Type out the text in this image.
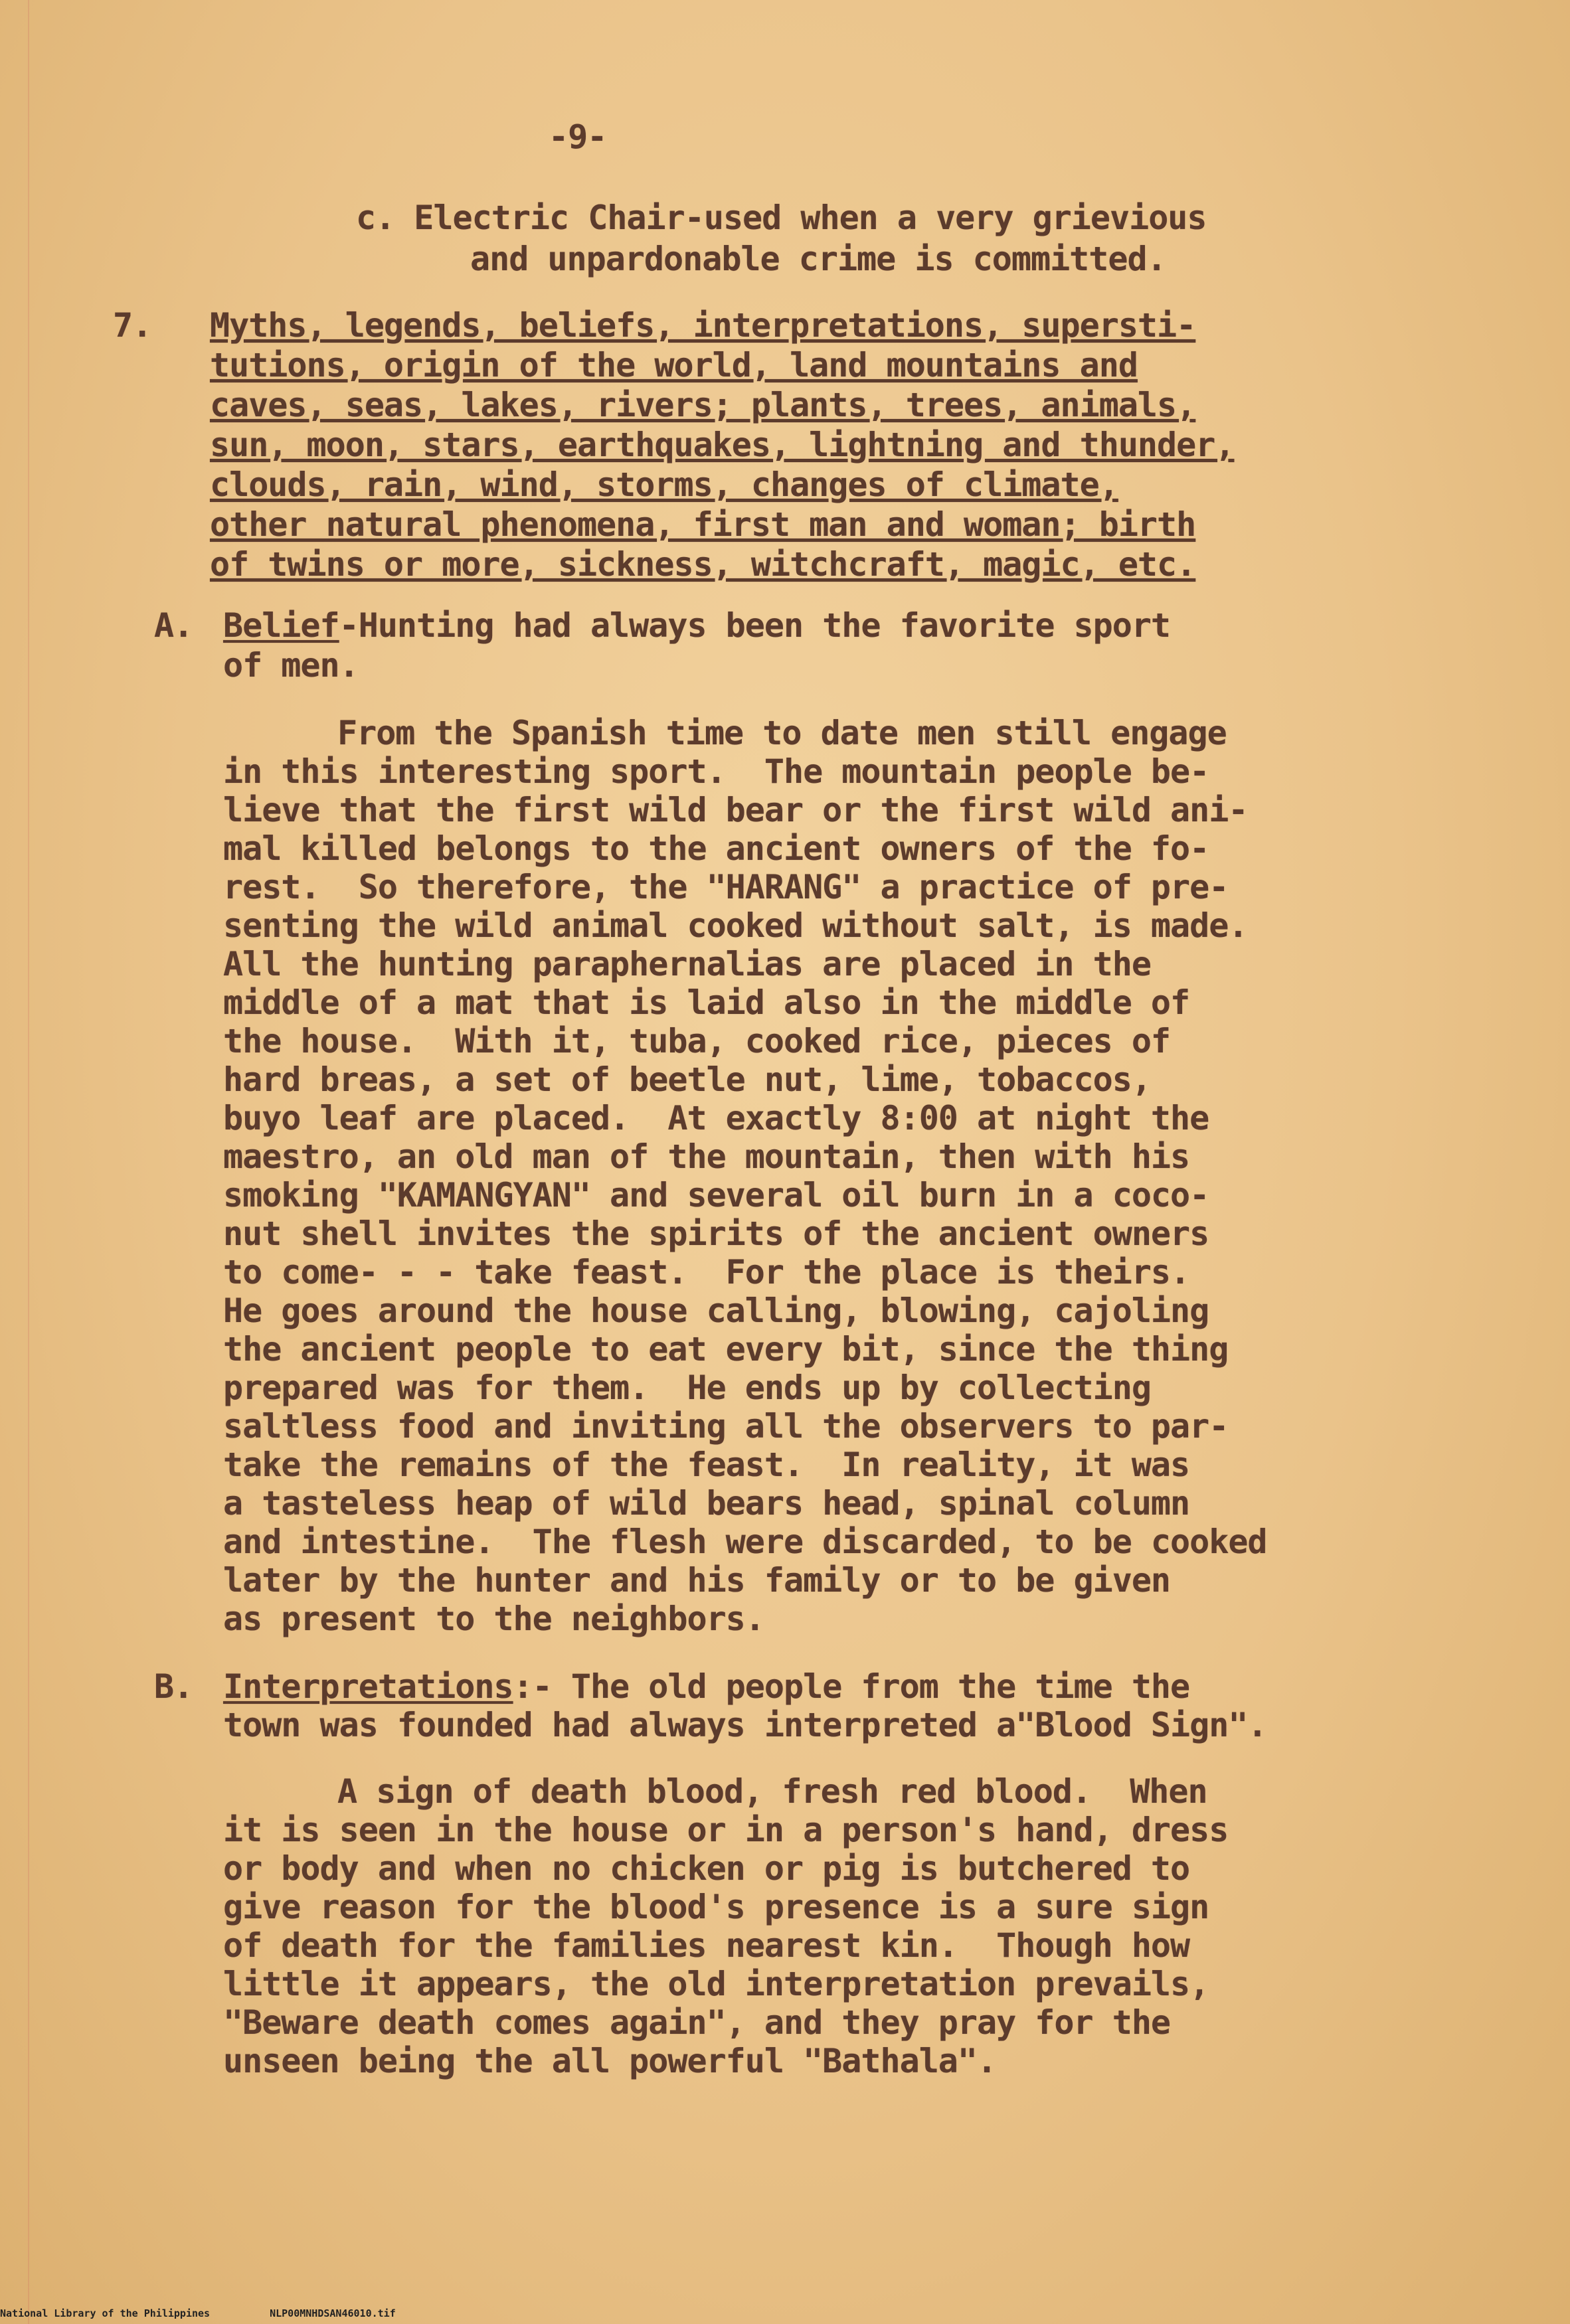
-9-
c. Electric Chair-used when a very grievious
and unpardonable crime is committed.
7. Myths, legends, beliefs, interpretations, supersti-
tutions, origin of the world, land mountains and
caves, seas, lakes, rivers; plants, trees, animals,
sun, moon, stars, earthquakes, lightning and thunder,
clouds, rain, wind, storms, changes of climate,
other natural phenomena, first man and woman; birth
of twins or more, sickness, witchcraft, magic, etc.
A. Belief-Hunting had always been the favorite sport
of men.
From the Spanish time to date men still engage
in this interesting sport.  The mountain people be-
lieve that the first wild bear or the first wild ani-
mal killed belongs to the ancient owners of the fo-
rest.  So therefore, the "HARANG" a practice of pre-
senting the wild animal cooked without salt, is made.
All the hunting paraphernalias are placed in the
middle of a mat that is laid also in the middle of
the house.  With it, tuba, cooked rice, pieces of
hard breas, a set of beetle nut, lime, tobaccos,
buyo leaf are placed.  At exactly 8:00 at night the
maestro, an old man of the mountain, then with his
smoking "KAMANGYAN" and several oil burn in a coco-
nut shell invites the spirits of the ancient owners
to come- - - take feast.  For the place is theirs.
He goes around the house calling, blowing, cajoling
the ancient people to eat every bit, since the thing
prepared was for them.  He ends up by collecting
saltless food and inviting all the observers to par-
take the remains of the feast.  In reality, it was
a tasteless heap of wild bears head, spinal column
and intestine.  The flesh were discarded, to be cooked
later by the hunter and his family or to be given
as present to the neighbors.
B. Interpretations:- The old people from the time the
town was founded had always interpreted a"Blood Sign".
A sign of death blood, fresh red blood.  When
it is seen in the house or in a person's hand, dress
or body and when no chicken or pig is butchered to
give reason for the blood's presence is a sure sign
of death for the families nearest kin.  Though how
little it appears, the old interpretation prevails,
"Beware death comes again", and they pray for the
unseen being the all powerful "Bathala".
National Library of the Philippines	NLP00MNHDSAN46010.tif
